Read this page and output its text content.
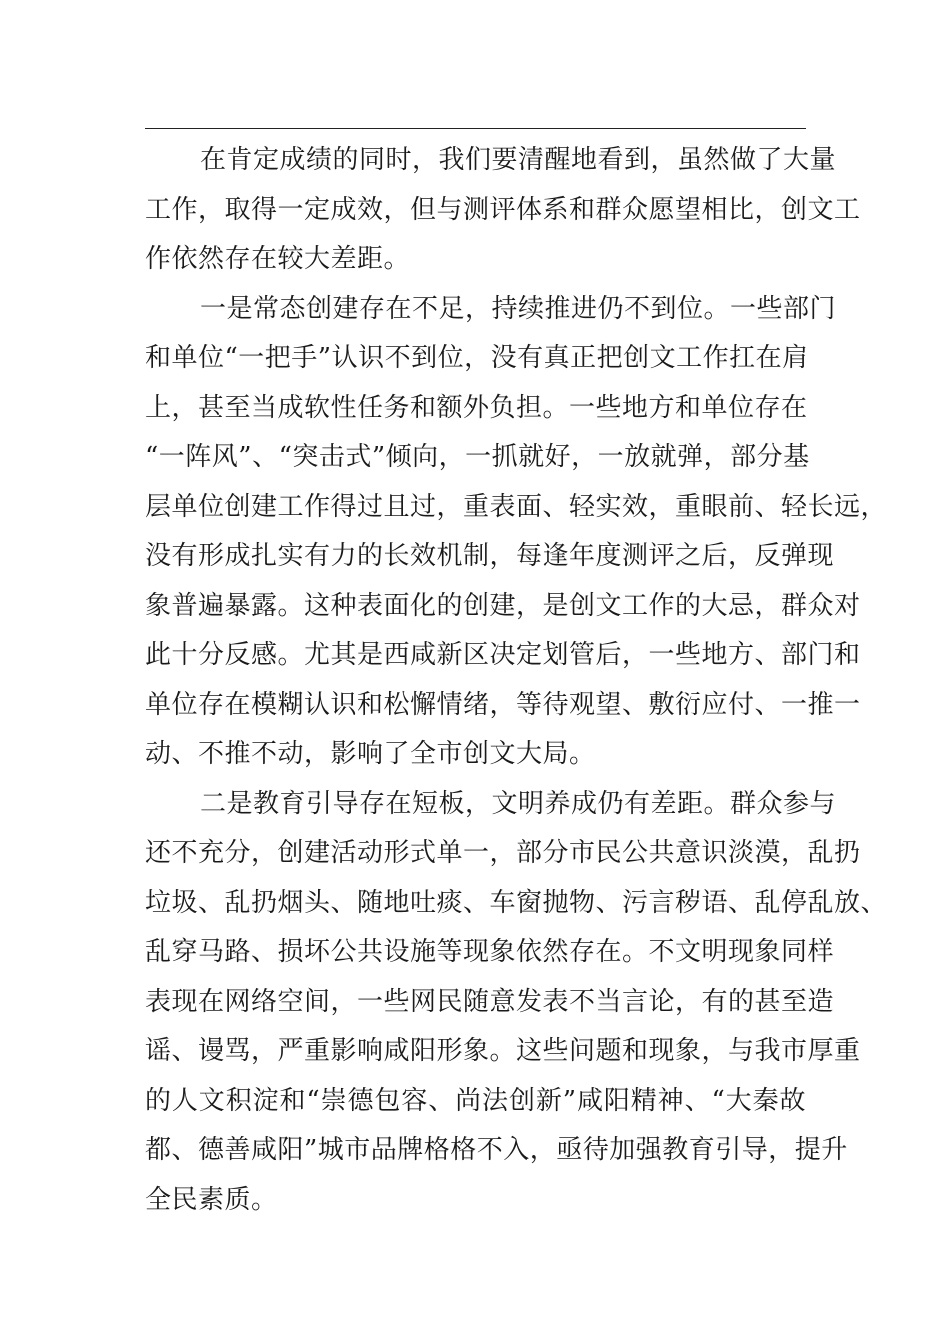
在肯定成绩的同时，我们要清醒地看到，虽然做了大量
工作，取得一定成效，但与测评体系和群众愿望相比，创文工
作依然存在较大差距。
一是常态创建存在不足，持续推进仍不到位。一些部门
和单位“一把手”认识不到位，没有真正把创文工作扛在肩
上，甚至当成软性任务和额外负担。一些地方和单位存在
“一阵风”、“突击式”倾向，一抓就好，一放就弹，部分基
层单位创建工作得过且过，重表面、轻实效，重眼前、轻长远，
没有形成扎实有力的长效机制，每逢年度测评之后，反弹现
象普遍暴露。这种表面化的创建，是创文工作的大忌，群众对
此十分反感。尤其是西咸新区决定划管后，一些地方、部门和
单位存在模糊认识和松懈情绪，等待观望、敷衍应付、一推一
动、不推不动，影响了全市创文大局。
二是教育引导存在短板，文明养成仍有差距。群众参与
还不充分，创建活动形式单一，部分市民公共意识淡漠，乱扔
垃圾、乱扔烟头、随地吐痰、车窗抛物、污言秽语、乱停乱放、
乱穿马路、损坏公共设施等现象依然存在。不文明现象同样
表现在网络空间，一些网民随意发表不当言论，有的甚至造
谣、谩骂，严重影响咸阳形象。这些问题和现象，与我市厚重
的人文积淀和“崇德包容、尚法创新”咸阳精神、“大秦故
都、德善咸阳”城市品牌格格不入，亟待加强教育引导，提升
全民素质。
